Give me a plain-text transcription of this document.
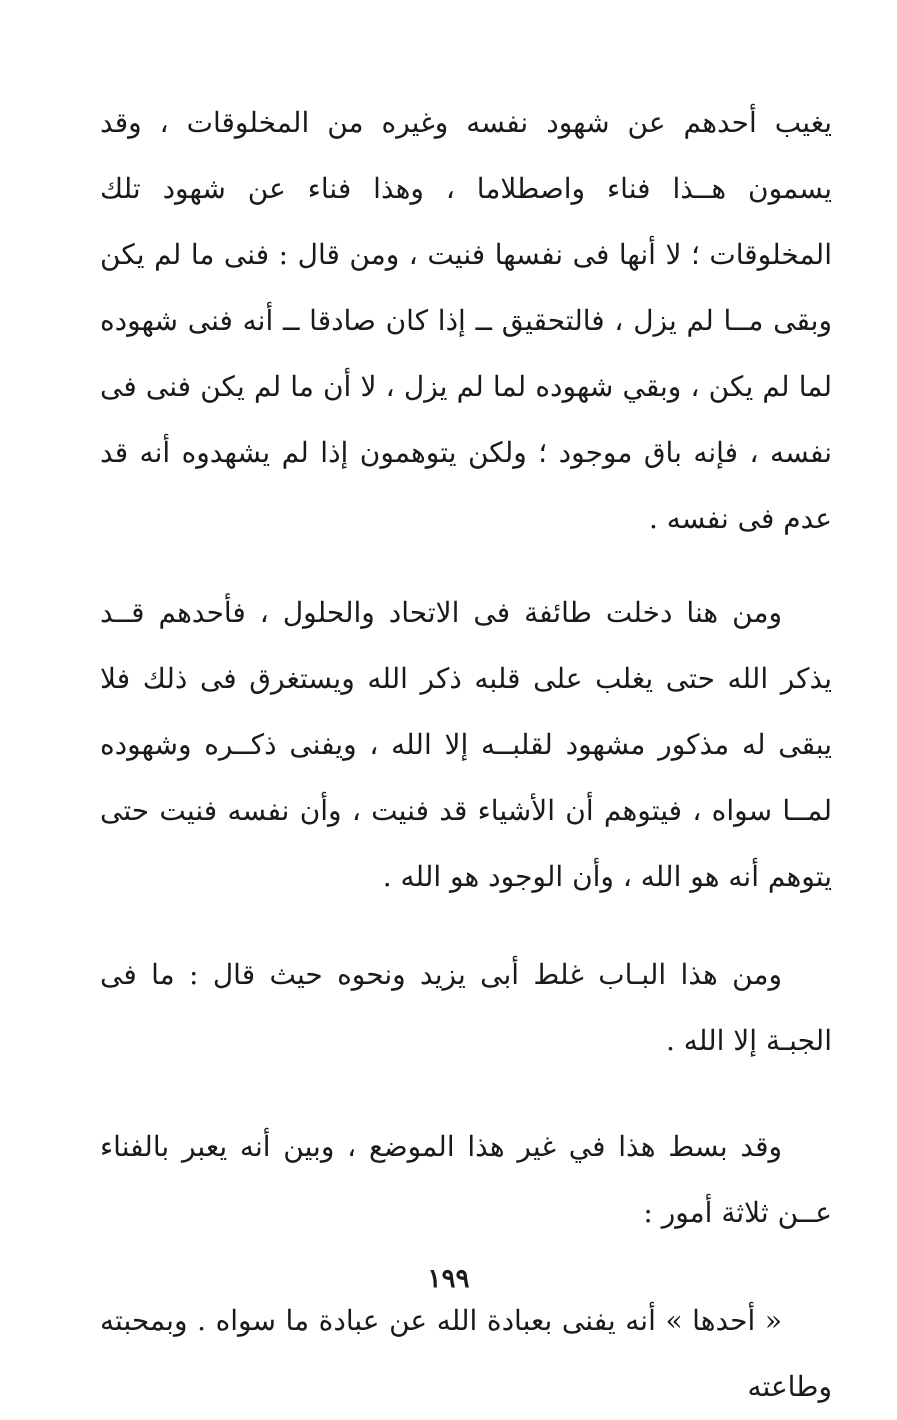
يغيب أحدهم عن شهود نفسه وغيره من المخلوقات ، وقد يسمون هــذا فناء واصطلاما ، وهذا فناء عن شهود تلك المخلوقات ؛ لا أنها فى نفسها فنيت ، ومن قال : فنى ما لم يكن وبقى مــا لم يزل ، فالتحقيق ــ إذا كان صادقا ــ أنه فنى شهوده لما لم يكن ، وبقي شهوده لما لم يزل ، لا أن ما لم يكن فنى فى نفسه ، فإنه باق موجود ؛ ولكن يتوهمون إذا لم يشهدوه أنه قد عدم فى نفسه .

ومن هنا دخلت طائفة فى الاتحاد والحلول ، فأحدهم قــد يذكر الله حتى يغلب على قلبه ذكر الله ويستغرق فى ذلك فلا يبقى له مذكور مشهود لقلبــه إلا الله ، ويفنى ذكــره وشهوده لمــا سواه ، فيتوهم أن الأشياء قد فنيت ، وأن نفسه فنيت حتى يتوهم أنه هو الله ، وأن الوجود هو الله .

ومن هذا البـاب غلط أبى يزيد ونحوه حيث قال : ما فى الجبـة إلا الله .

وقد بسط هذا في غير هذا الموضع ، وبين أنه يعبر بالفناء عــن ثلاثة أمور :

« أحدها » أنه يفنى بعبادة الله عن عبادة ما سواه . وبمحبته وطاعته

١٩٩
